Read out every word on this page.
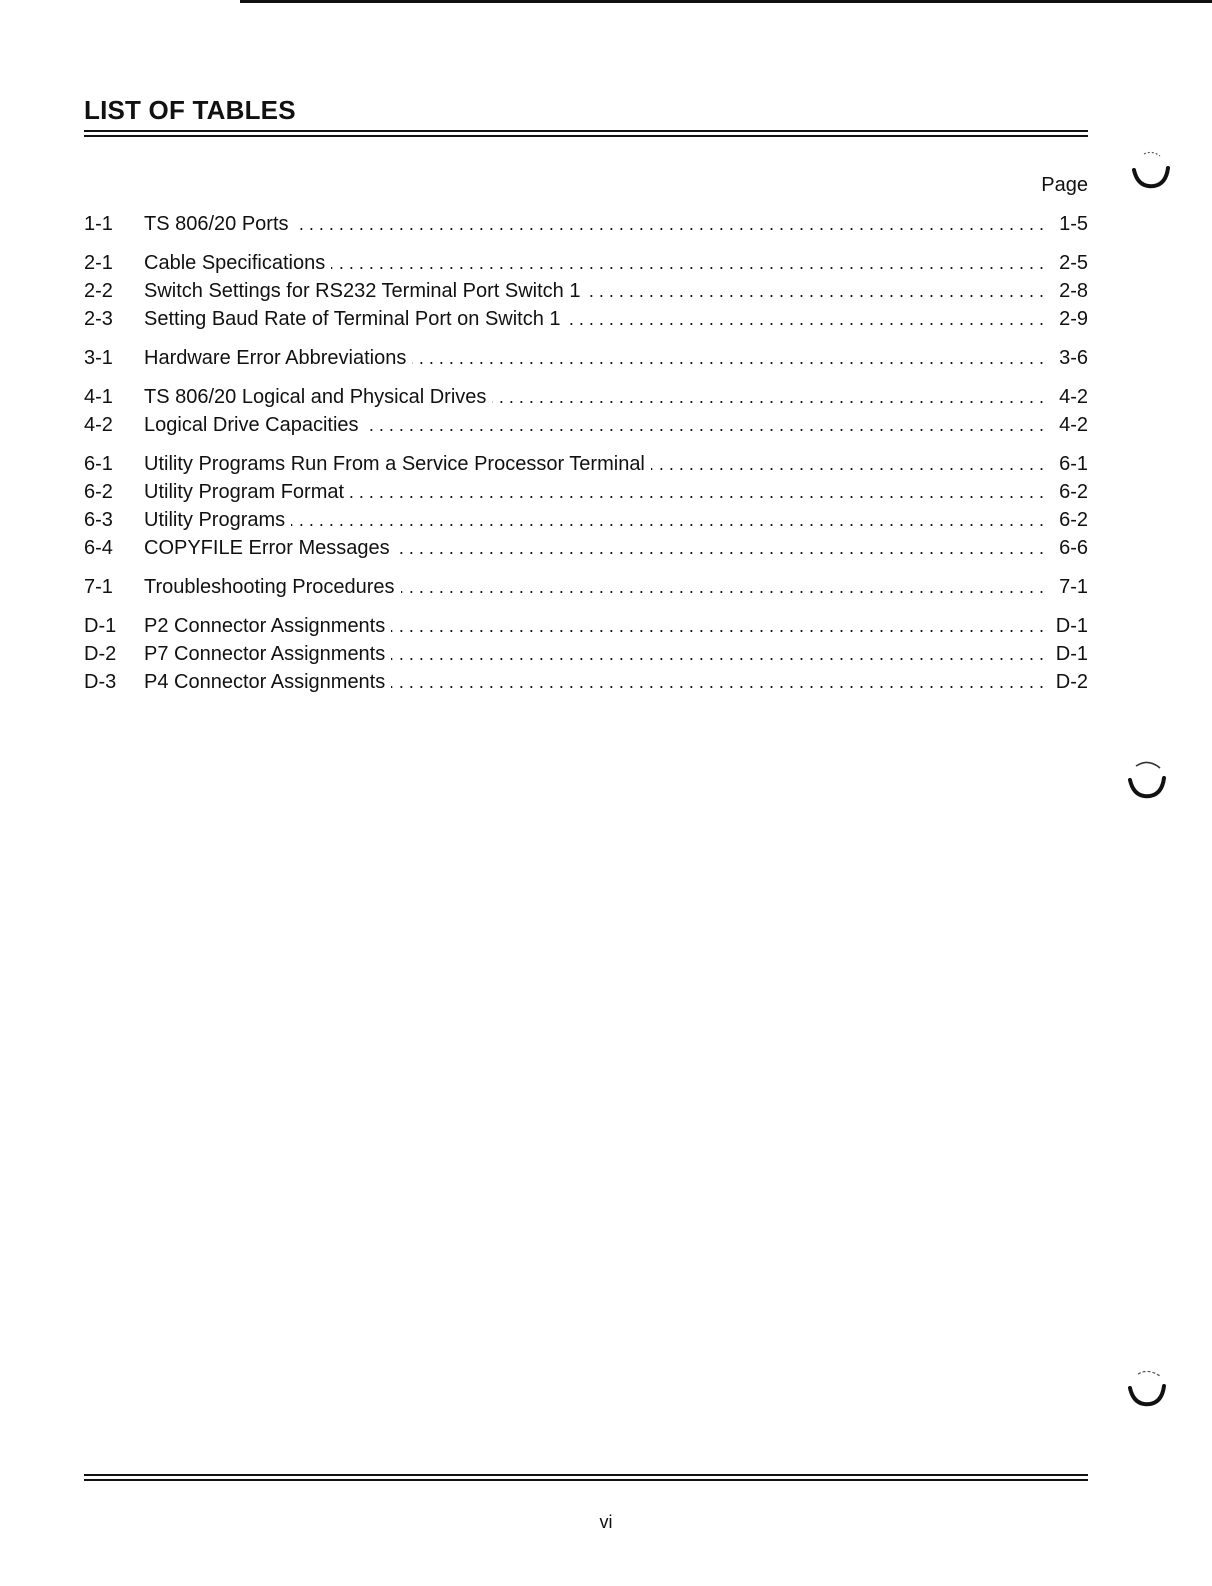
LIST OF TABLES
Page
1-1	TS 806/20 Ports . . .	1-5
2-1	Cable Specifications . . .	2-5
2-2	Switch Settings for RS232 Terminal Port Switch 1 . . .	2-8
2-3	Setting Baud Rate of Terminal Port on Switch 1 . . .	2-9
3-1	Hardware Error Abbreviations . . .	3-6
4-1	TS 806/20 Logical and Physical Drives . . .	4-2
4-2	Logical Drive Capacities . . .	4-2
6-1	Utility Programs Run From a Service Processor Terminal . . .	6-1
6-2	Utility Program Format . . .	6-2
6-3	Utility Programs . . .	6-2
6-4	COPYFILE Error Messages . . .	6-6
7-1	Troubleshooting Procedures . . .	7-1
D-1	P2 Connector Assignments . . .	D-1
D-2	P7 Connector Assignments . . .	D-1
D-3	P4 Connector Assignments . . .	D-2
vi
